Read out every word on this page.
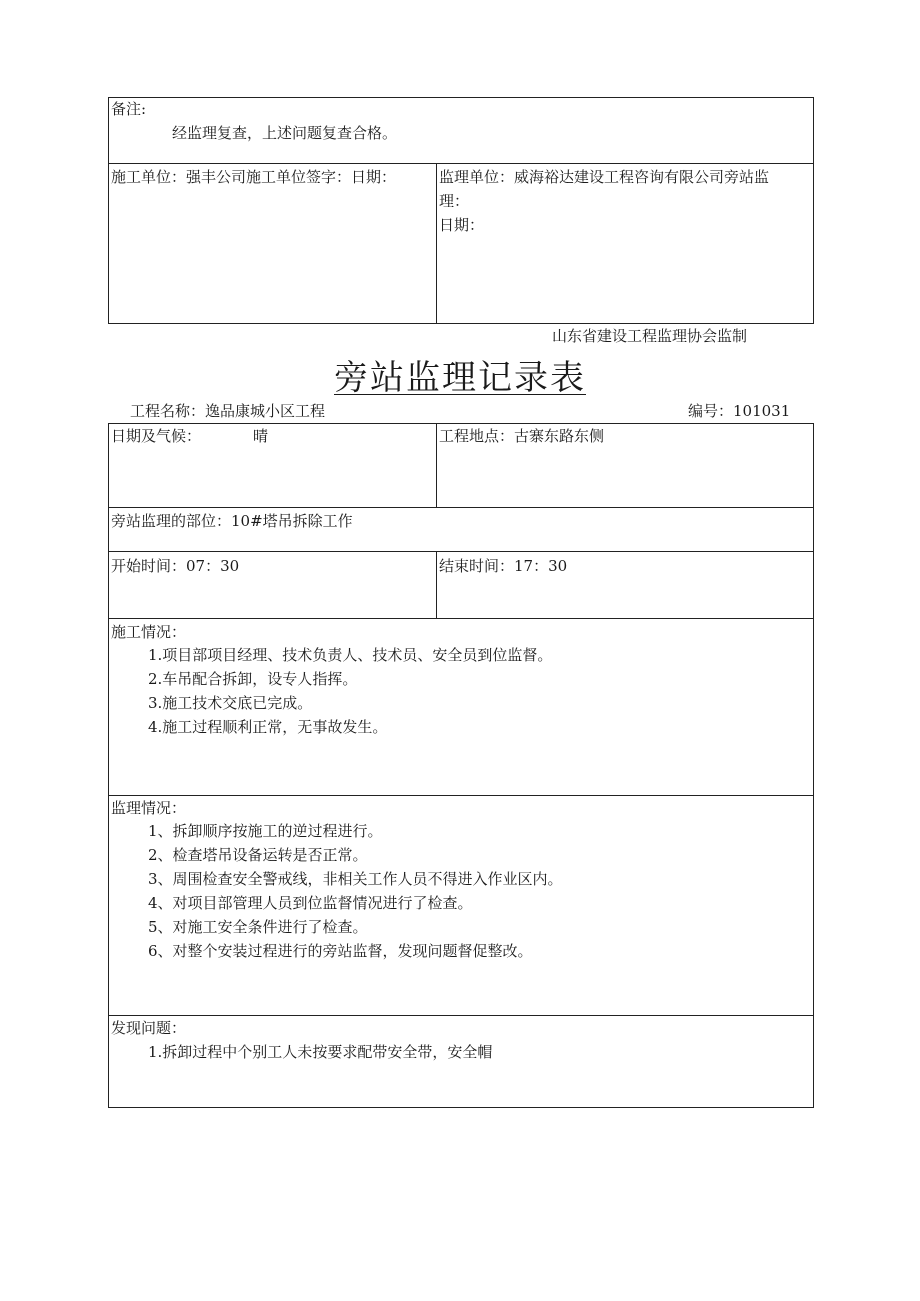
备注:
经监理复查，上述问题复查合格。
施工单位：强丰公司施工单位签字：日期：	监理单位：威海裕达建设工程咨询有限公司旁站监
理：
日期：
山东省建设工程监理协会监制
旁站监理记录表
工程名称：逸品康城小区工程	编号：101031
日期及气候：	晴	工程地点：古寨东路东侧
旁站监理的部位：10#塔吊拆除工作
开始时间：07：30	结束时间：17：30
施工情况：
1.项目部项目经理、技术负责人、技术员、安全员到位监督。
2.车吊配合拆卸，设专人指挥。
3.施工技术交底已完成。
4.施工过程顺利正常，无事故发生。
监理情况：
1、拆卸顺序按施工的逆过程进行。
2、检查塔吊设备运转是否正常。
3、周围检查安全警戒线，非相关工作人员不得进入作业区内。
4、对项目部管理人员到位监督情况进行了检查。
5、对施工安全条件进行了检查。
6、对整个安装过程进行的旁站监督，发现问题督促整改。
发现问题：
1.拆卸过程中个别工人未按要求配带安全带，安全帽
